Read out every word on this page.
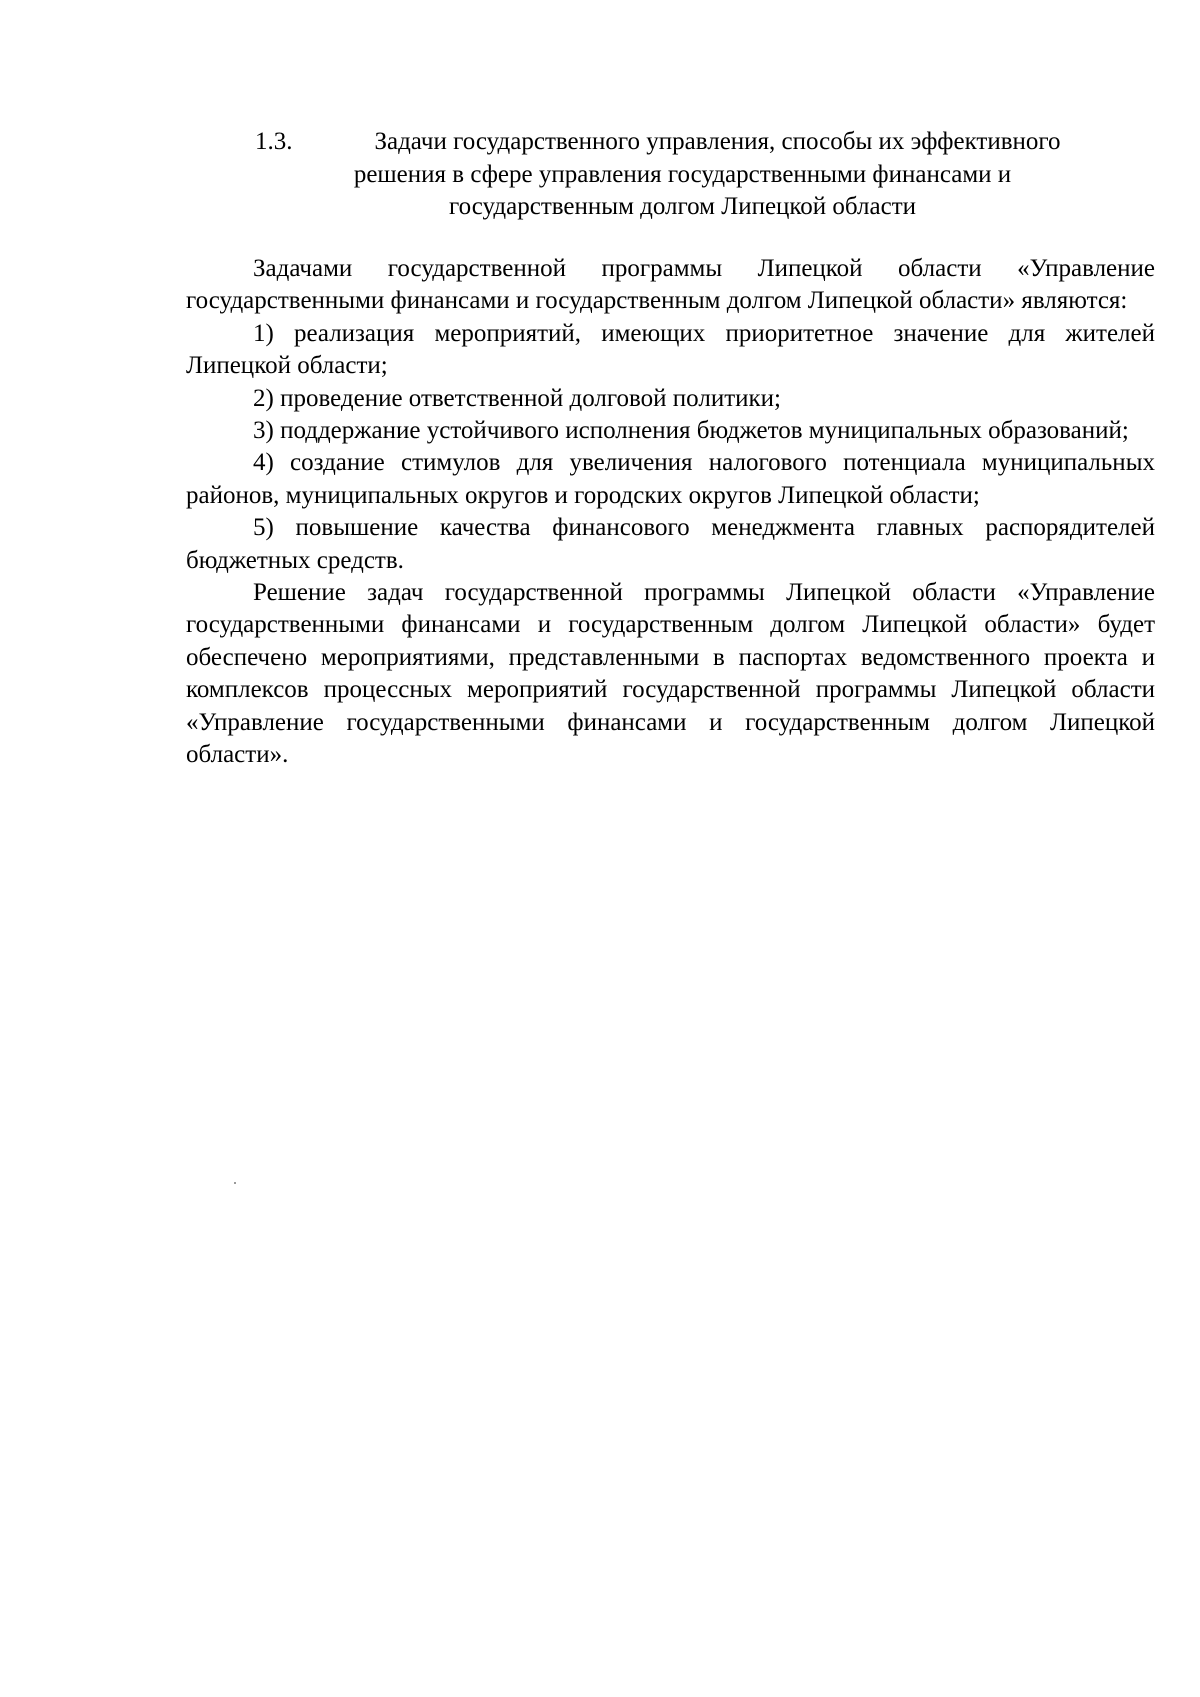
1.3.	Задачи государственного управления, способы их эффективного
решения в сфере управления государственными финансами и
государственным долгом Липецкой области

Задачами государственной программы Липецкой области «Управление государственными финансами и государственным долгом Липецкой области» являются:

1) реализация мероприятий, имеющих приоритетное значение для жителей Липецкой области;

2) проведение ответственной долговой политики;

3) поддержание устойчивого исполнения бюджетов муниципальных образований;

4) создание стимулов для увеличения налогового потенциала муниципальных районов, муниципальных округов и городских округов Липецкой области;

5) повышение качества финансового менеджмента главных распорядителей бюджетных средств.

Решение задач государственной программы Липецкой области «Управление государственными финансами и государственным долгом Липецкой области» будет обеспечено мероприятиями, представленными в паспортах ведомственного проекта и комплексов процессных мероприятий государственной программы Липецкой области «Управление государственными финансами и государственным долгом Липецкой области».
